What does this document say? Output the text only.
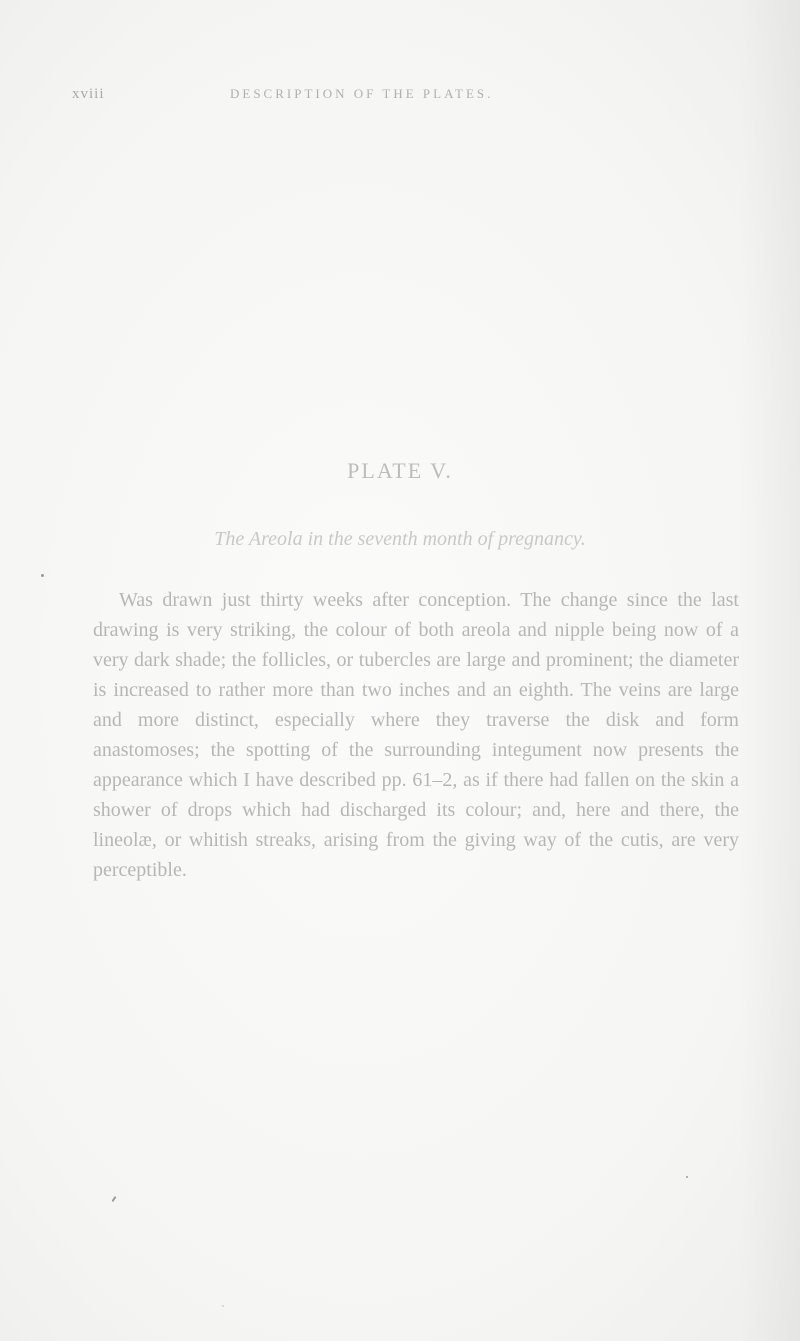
xviii	DESCRIPTION OF THE PLATES.
PLATE V.
The Areola in the seventh month of pregnancy.

Was drawn just thirty weeks after conception. The change since the last drawing is very striking, the colour of both areola and nipple being now of a very dark shade; the follicles, or tubercles are large and prominent; the diameter is increased to rather more than two inches and an eighth. The veins are large and more distinct, especially where they traverse the disk and form anastomoses; the spotting of the surrounding integument now presents the appearance which I have described pp. 61–2, as if there had fallen on the skin a shower of drops which had discharged its colour; and, here and there, the lineolæ, or whitish streaks, arising from the giving way of the cutis, are very perceptible.
